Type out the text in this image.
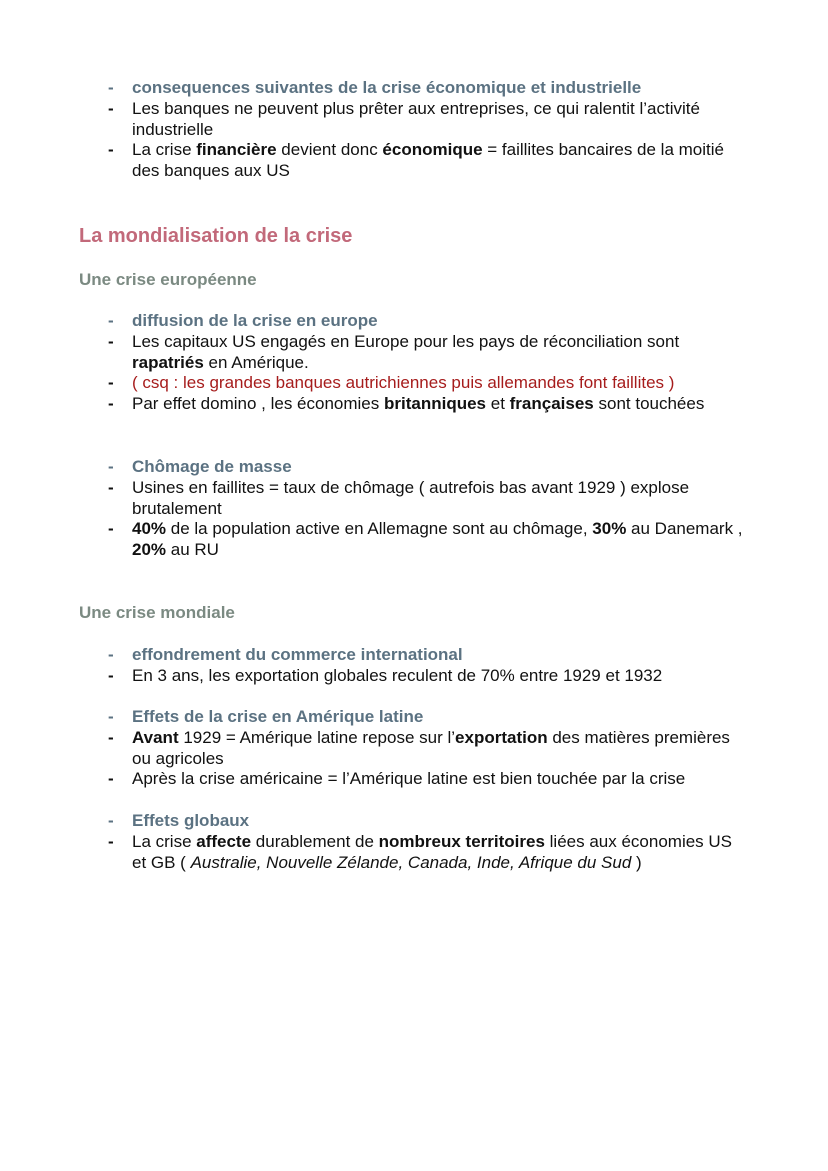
- consequences suivantes de la crise économique et industrielle
- Les banques ne peuvent plus prêter aux entreprises, ce qui ralentit l’activité industrielle
- La crise financière devient donc économique = faillites bancaires de la moitié des banques aux US
La mondialisation de la crise
Une crise européenne
- diffusion de la crise en europe
- Les capitaux US engagés en Europe pour les pays de réconciliation sont rapatriés en Amérique.
- ( csq : les grandes banques autrichiennes puis allemandes font faillites )
- Par effet domino , les économies britanniques et françaises sont touchées
- Chômage de masse
- Usines en faillites = taux de chômage ( autrefois bas avant 1929 ) explose brutalement
- 40% de la population active en Allemagne sont au chômage, 30% au Danemark , 20% au RU
Une crise mondiale
- effondrement du commerce international
- En 3 ans, les exportation globales reculent de 70% entre 1929 et 1932
- Effets de la crise en Amérique latine
- Avant 1929 = Amérique latine repose sur l’exportation des matières premières ou agricoles
- Après la crise américaine = l’Amérique latine est bien touchée par la crise
- Effets globaux
- La crise affecte durablement de nombreux territoires liées aux économies US et GB ( Australie, Nouvelle Zélande, Canada, Inde, Afrique du Sud )
